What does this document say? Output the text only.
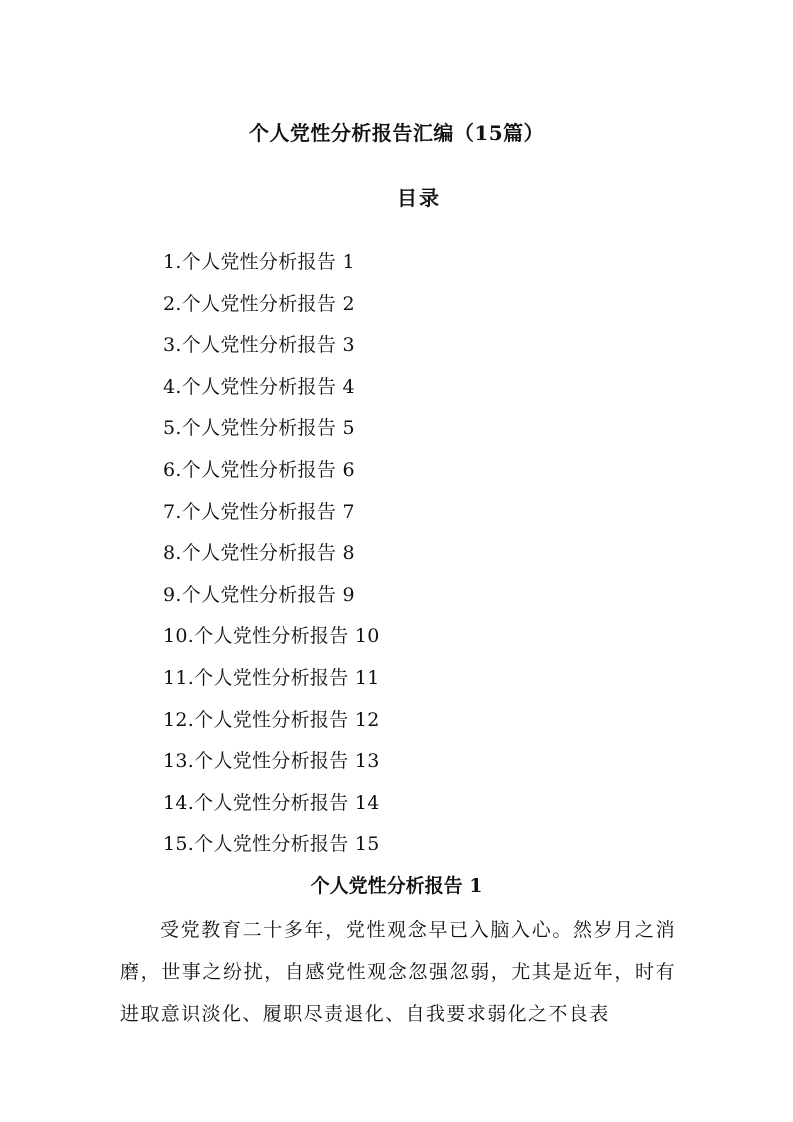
个人党性分析报告汇编（15篇）
目录
1.个人党性分析报告 1
2.个人党性分析报告 2
3.个人党性分析报告 3
4.个人党性分析报告 4
5.个人党性分析报告 5
6.个人党性分析报告 6
7.个人党性分析报告 7
8.个人党性分析报告 8
9.个人党性分析报告 9
10.个人党性分析报告 10
11.个人党性分析报告 11
12.个人党性分析报告 12
13.个人党性分析报告 13
14.个人党性分析报告 14
15.个人党性分析报告 15
个人党性分析报告 1

受党教育二十多年，党性观念早已入脑入心。然岁月之消磨，世事之纷扰，自感党性观念忽强忽弱，尤其是近年，时有进取意识淡化、履职尽责退化、自我要求弱化之不良表
